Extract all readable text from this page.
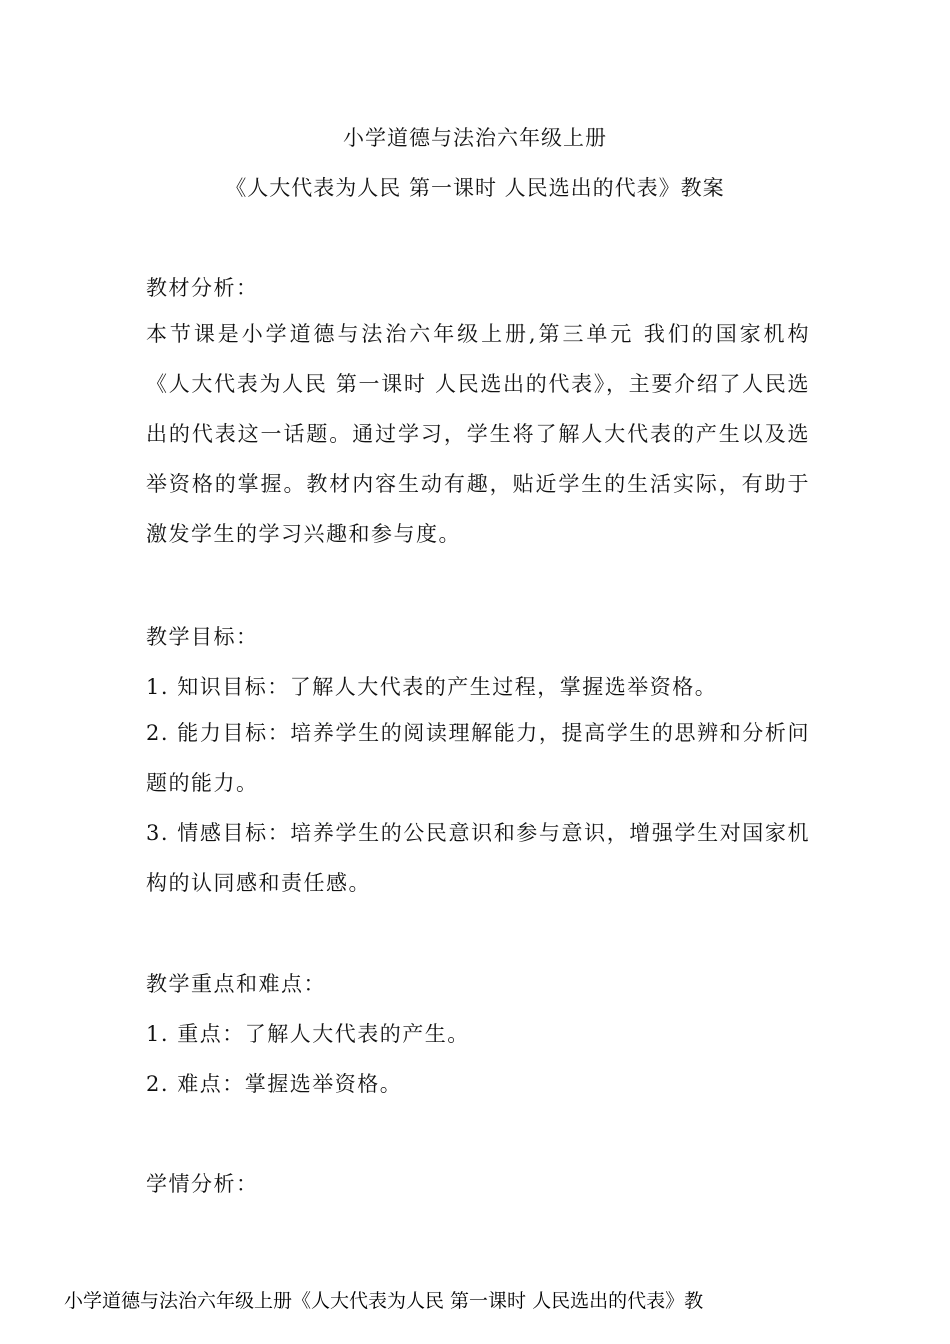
小学道德与法治六年级上册
《人大代表为人民 第一课时 人民选出的代表》教案
教材分析：
本节课是小学道德与法治六年级上册,第三单元 我们的国家机构《人大代表为人民 第一课时 人民选出的代表》，主要介绍了人民选出的代表这一话题。通过学习，学生将了解人大代表的产生以及选举资格的掌握。教材内容生动有趣，贴近学生的生活实际，有助于激发学生的学习兴趣和参与度。
教学目标：
1. 知识目标：了解人大代表的产生过程，掌握选举资格。
2. 能力目标：培养学生的阅读理解能力，提高学生的思辨和分析问题的能力。
3. 情感目标：培养学生的公民意识和参与意识，增强学生对国家机构的认同感和责任感。
教学重点和难点：
1. 重点：了解人大代表的产生。
2. 难点：掌握选举资格。
学情分析：
小学道德与法治六年级上册《人大代表为人民 第一课时 人民选出的代表》教
